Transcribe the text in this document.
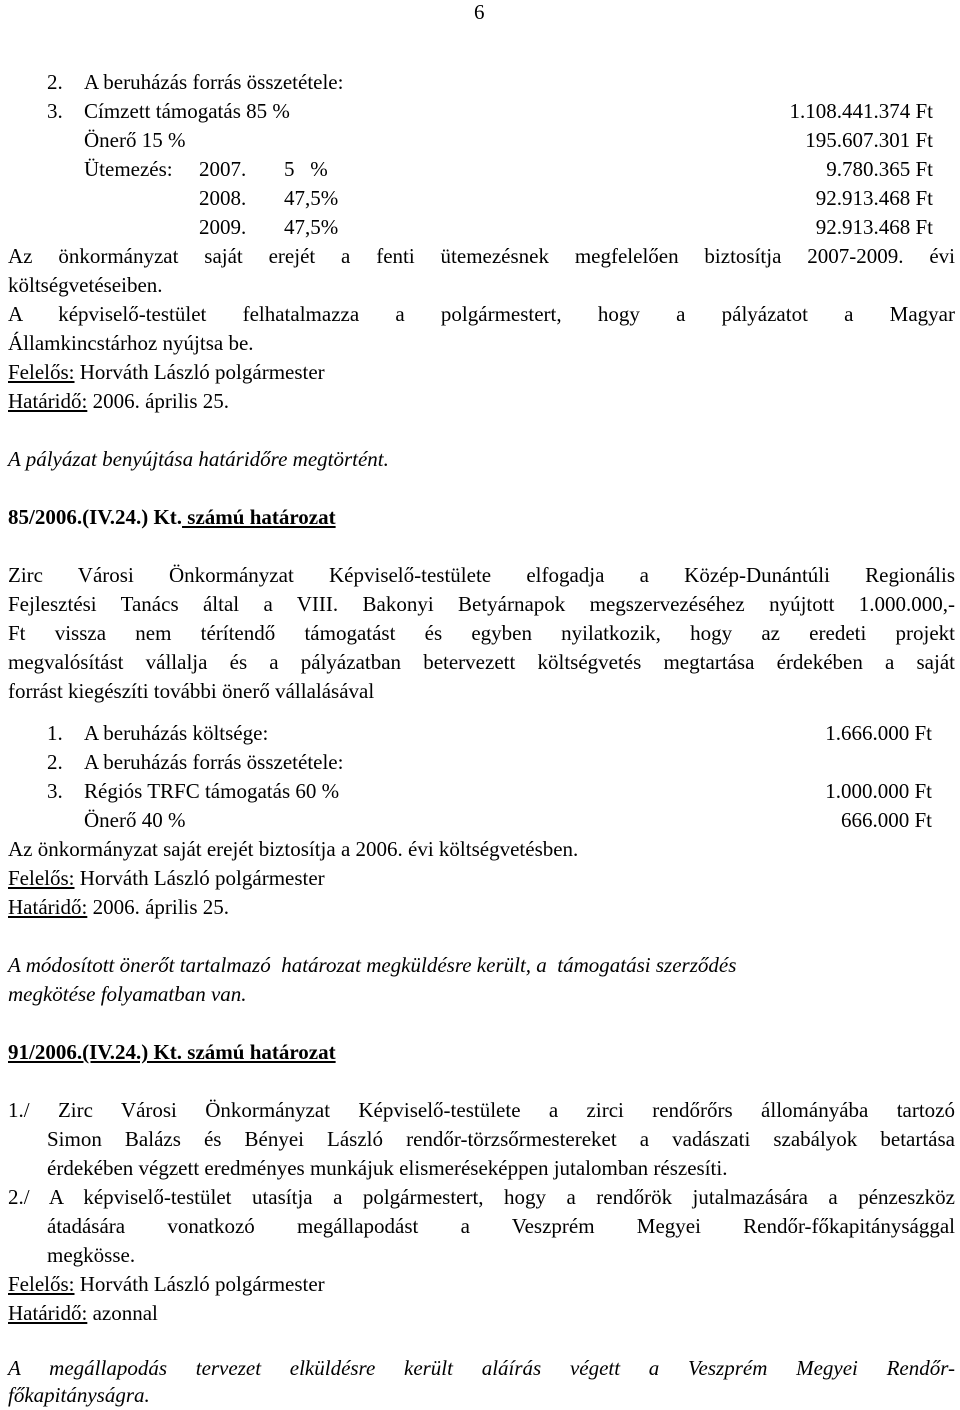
6
2. A beruházás forrás összetétele:
3. Címzett támogatás 85 %	1.108.441.374 Ft
Önerő 15 %	195.607.301 Ft
Ütemezés: 2007. 5   %	9.780.365 Ft
2008. 47,5%	92.913.468 Ft
2009. 47,5%	92.913.468 Ft
Az önkormányzat saját erejét a fenti ütemezésnek megfelelően biztosítja 2007-2009. évi
költségvetéseiben.
A képviselő-testület felhatalmazza a polgármestert, hogy a pályázatot a Magyar
Államkincstárhoz nyújtsa be.
Felelős: Horváth László polgármester
Határidő: 2006. április 25.
A pályázat benyújtása határidőre megtörtént.
85/2006.(IV.24.) Kt. számú határozat
Zirc Városi Önkormányzat Képviselő-testülete elfogadja a Közép-Dunántúli Regionális
Fejlesztési Tanács által a VIII. Bakonyi Betyárnapok megszervezéséhez nyújtott 1.000.000,-
Ft vissza nem térítendő támogatást és egyben nyilatkozik, hogy az eredeti projekt
megvalósítást vállalja és a pályázatban betervezett költségvetés megtartása érdekében a saját
forrást kiegészíti további önerő vállalásával
1. A beruházás költsége:	1.666.000 Ft
2. A beruházás forrás összetétele:
3. Régiós TRFC támogatás 60 %	1.000.000 Ft
Önerő 40 %	666.000 Ft
Az önkormányzat saját erejét biztosítja a 2006. évi költségvetésben.
Felelős: Horváth László polgármester
Határidő: 2006. április 25.
A módosított önerőt tartalmazó  határozat megküldésre került, a  támogatási szerződés
megkötése folyamatban van.
91/2006.(IV.24.) Kt. számú határozat
1./ Zirc Városi Önkormányzat Képviselő-testülete a zirci rendőrőrs állományába tartozó
Simon Balázs és Bényei László rendőr-törzsőrmestereket a vadászati szabályok betartása
érdekében végzett eredményes munkájuk elismeréseképpen jutalomban részesíti.
2./ A képviselő-testület utasítja a polgármestert, hogy a rendőrök jutalmazására a pénzeszköz
átadására vonatkozó megállapodást a Veszprém Megyei Rendőr-főkapitánysággal
megkösse.
Felelős: Horváth László polgármester
Határidő: azonnal
A megállapodás tervezet elküldésre került aláírás végett a Veszprém Megyei Rendőr-
főkapitányságra.
